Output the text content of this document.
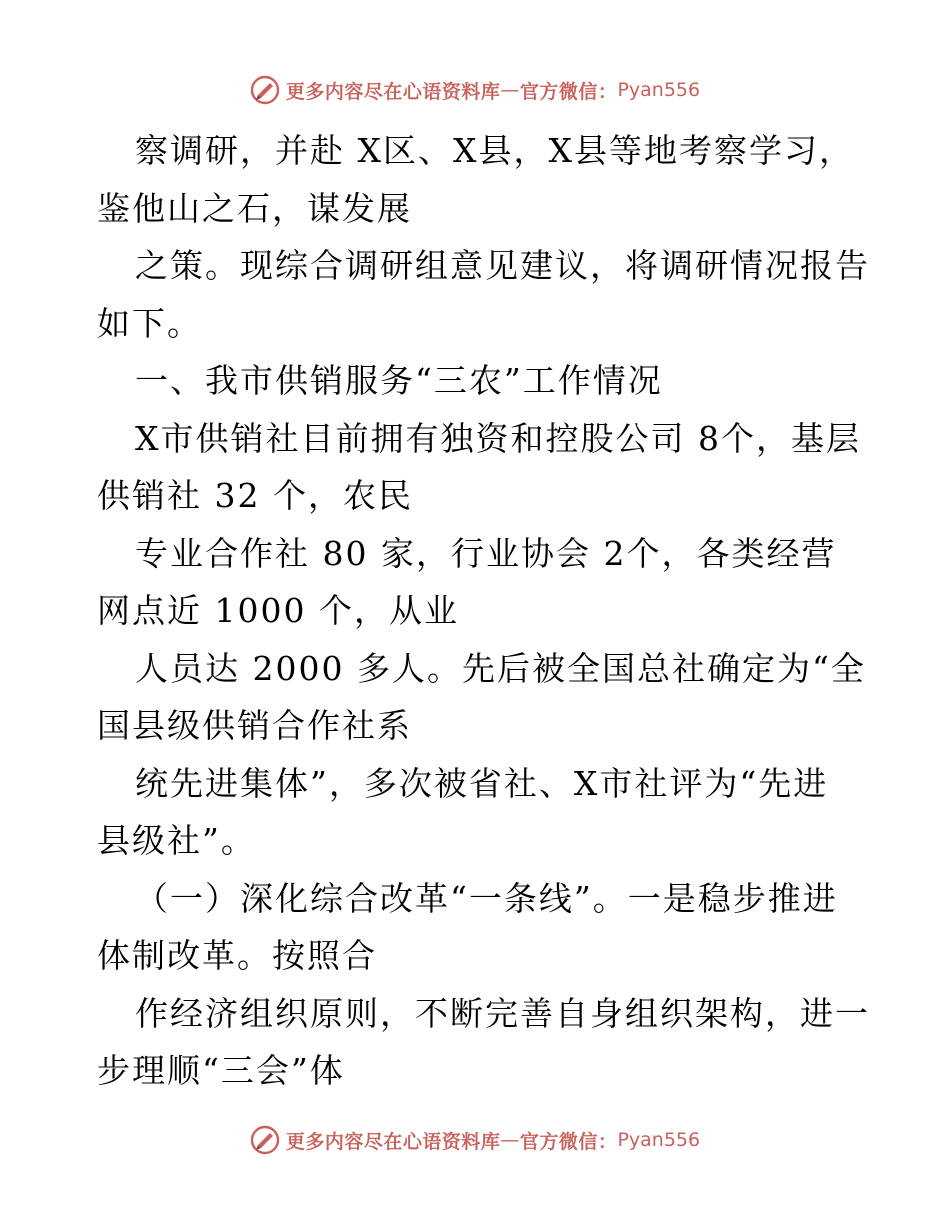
更多内容尽在心语资料库 — 官方微信： Pyan556
察调研，并赴 X区、X县，X县等地考察学习，
鉴他山之石，谋发展
之策。现综合调研组意见建议，将调研情况报告
如下。
一、我市供销服务“三农”工作情况
X市供销社目前拥有独资和控股公司 8个，基层
供销社 32 个，农民
专业合作社 80 家，行业协会 2个，各类经营
网点近 1000 个，从业
人员达 2000 多人。先后被全国总社确定为“全
国县级供销合作社系
统先进集体”，多次被省社、X市社评为“先进
县级社”。
（一）深化综合改革“一条线”。一是稳步推进
体制改革。按照合
作经济组织原则，不断完善自身组织架构，进一
步理顺“三会”体
更多内容尽在心语资料库 — 官方微信： Pyan556
